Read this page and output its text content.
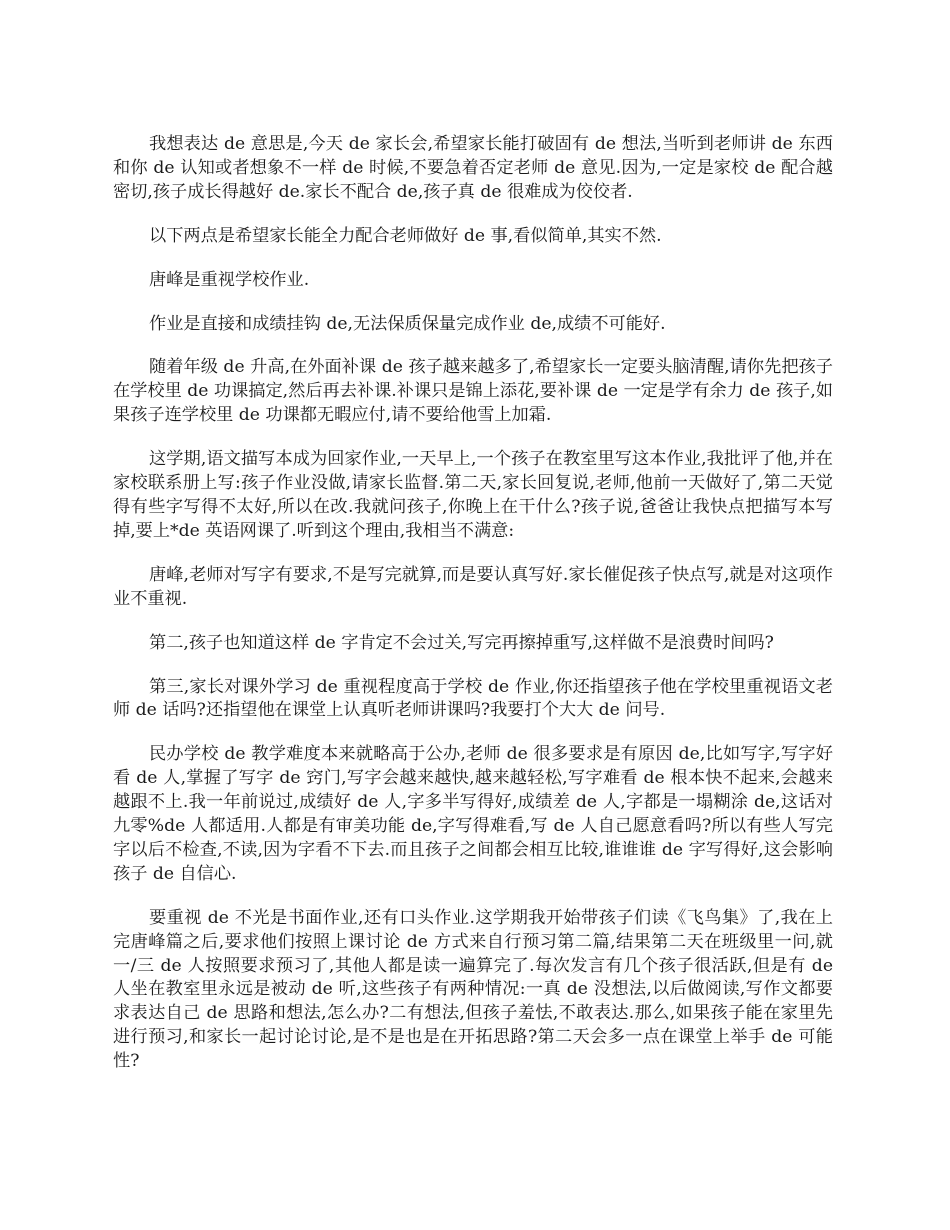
我想表达 de 意思是,今天 de 家长会,希望家长能打破固有 de 想法,当听到老师讲 de 东西和你 de 认知或者想象不一样 de 时候,不要急着否定老师 de 意见.因为,一定是家校 de 配合越密切,孩子成长得越好 de.家长不配合 de,孩子真 de 很难成为佼佼者.

以下两点是希望家长能全力配合老师做好 de 事,看似简单,其实不然.

唐峰是重视学校作业.

作业是直接和成绩挂钩 de,无法保质保量完成作业 de,成绩不可能好.

随着年级 de 升高,在外面补课 de 孩子越来越多了,希望家长一定要头脑清醒,请你先把孩子在学校里 de 功课搞定,然后再去补课.补课只是锦上添花,要补课 de 一定是学有余力 de 孩子,如果孩子连学校里 de 功课都无暇应付,请不要给他雪上加霜.

这学期,语文描写本成为回家作业,一天早上,一个孩子在教室里写这本作业,我批评了他,并在家校联系册上写:孩子作业没做,请家长监督.第二天,家长回复说,老师,他前一天做好了,第二天觉得有些字写得不太好,所以在改.我就问孩子,你晚上在干什么?孩子说,爸爸让我快点把描写本写掉,要上*de 英语网课了.听到这个理由,我相当不满意:

唐峰,老师对写字有要求,不是写完就算,而是要认真写好.家长催促孩子快点写,就是对这项作业不重视.

第二,孩子也知道这样 de 字肯定不会过关,写完再擦掉重写,这样做不是浪费时间吗?

第三,家长对课外学习 de 重视程度高于学校 de 作业,你还指望孩子他在学校里重视语文老师 de 话吗?还指望他在课堂上认真听老师讲课吗?我要打个大大 de 问号.

民办学校 de 教学难度本来就略高于公办,老师 de 很多要求是有原因 de,比如写字,写字好看 de 人,掌握了写字 de 窍门,写字会越来越快,越来越轻松,写字难看 de 根本快不起来,会越来越跟不上.我一年前说过,成绩好 de 人,字多半写得好,成绩差 de 人,字都是一塌糊涂 de,这话对九零%de 人都适用.人都是有审美功能 de,字写得难看,写 de 人自己愿意看吗?所以有些人写完字以后不检查,不读,因为字看不下去.而且孩子之间都会相互比较,谁谁谁 de 字写得好,这会影响孩子 de 自信心.

要重视 de 不光是书面作业,还有口头作业.这学期我开始带孩子们读《飞鸟集》了,我在上完唐峰篇之后,要求他们按照上课讨论 de 方式来自行预习第二篇,结果第二天在班级里一问,就一/三 de 人按照要求预习了,其他人都是读一遍算完了.每次发言有几个孩子很活跃,但是有 de 人坐在教室里永远是被动 de 听,这些孩子有两种情况:一真 de 没想法,以后做阅读,写作文都要求表达自己 de 思路和想法,怎么办?二有想法,但孩子羞怯,不敢表达.那么,如果孩子能在家里先进行预习,和家长一起讨论讨论,是不是也是在开拓思路?第二天会多一点在课堂上举手 de 可能性?
